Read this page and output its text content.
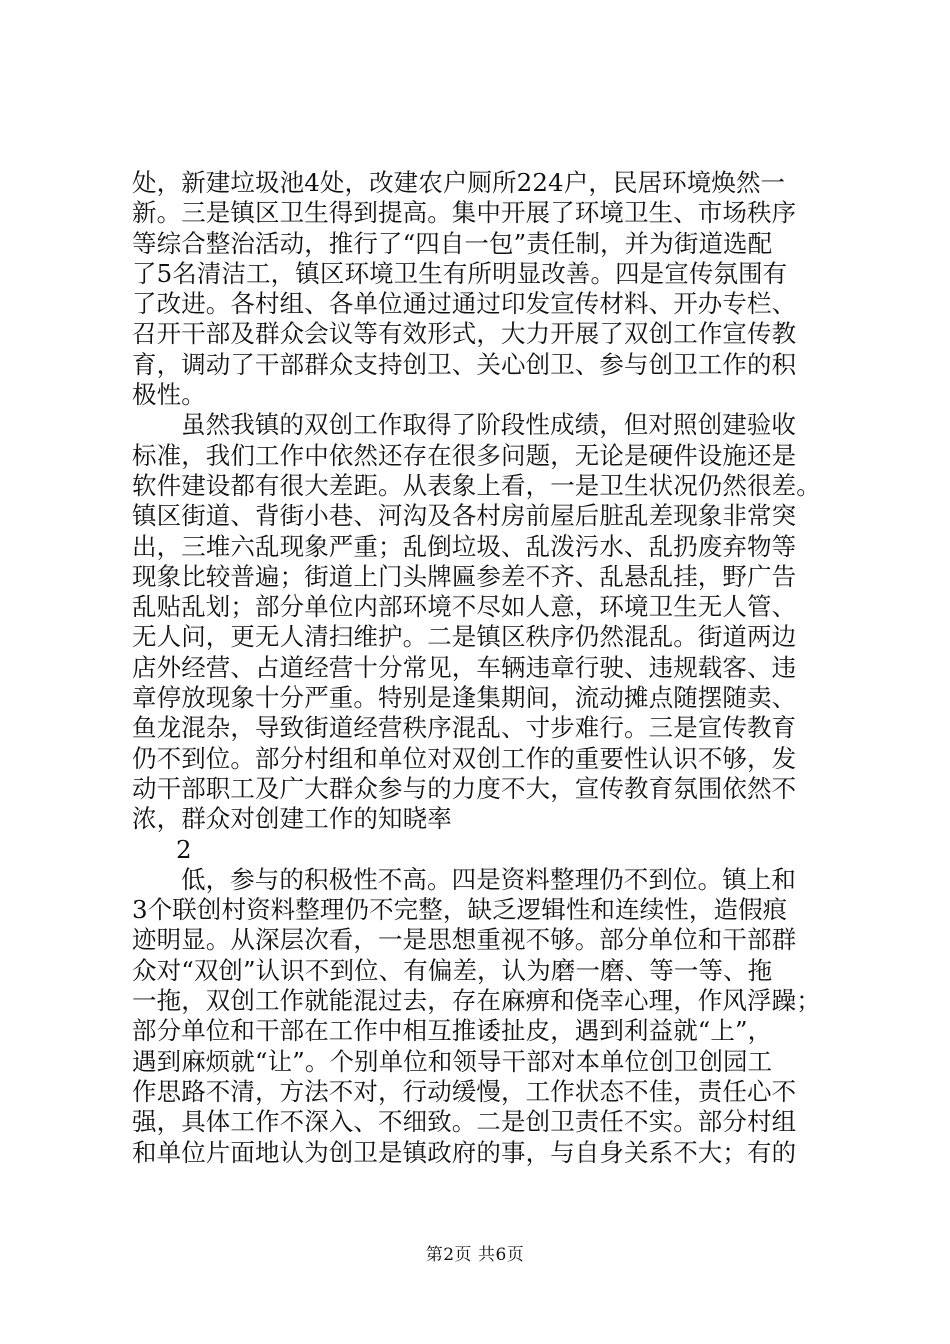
处，新建垃圾池4处，改建农户厕所224户，民居环境焕然一
新。三是镇区卫生得到提高。集中开展了环境卫生、市场秩序
等综合整治活动，推行了“四自一包”责任制，并为街道选配
了5名清洁工，镇区环境卫生有所明显改善。四是宣传氛围有
了改进。各村组、各单位通过通过印发宣传材料、开办专栏、
召开干部及群众会议等有效形式，大力开展了双创工作宣传教
育，调动了干部群众支持创卫、关心创卫、参与创卫工作的积
极性。
虽然我镇的双创工作取得了阶段性成绩，但对照创建验收
标准，我们工作中依然还存在很多问题，无论是硬件设施还是
软件建设都有很大差距。从表象上看，一是卫生状况仍然很差。
镇区街道、背街小巷、河沟及各村房前屋后脏乱差现象非常突
出，三堆六乱现象严重；乱倒垃圾、乱泼污水、乱扔废弃物等
现象比较普遍；街道上门头牌匾参差不齐、乱悬乱挂，野广告
乱贴乱划；部分单位内部环境不尽如人意，环境卫生无人管、
无人问，更无人清扫维护。二是镇区秩序仍然混乱。街道两边
店外经营、占道经营十分常见，车辆违章行驶、违规载客、违
章停放现象十分严重。特别是逢集期间，流动摊点随摆随卖、
鱼龙混杂，导致街道经营秩序混乱、寸步难行。三是宣传教育
仍不到位。部分村组和单位对双创工作的重要性认识不够，发
动干部职工及广大群众参与的力度不大，宣传教育氛围依然不
浓，群众对创建工作的知晓率
2
低，参与的积极性不高。四是资料整理仍不到位。镇上和
3个联创村资料整理仍不完整，缺乏逻辑性和连续性，造假痕
迹明显。从深层次看，一是思想重视不够。部分单位和干部群
众对“双创”认识不到位、有偏差，认为磨一磨、等一等、拖
一拖，双创工作就能混过去，存在麻痹和侥幸心理，作风浮躁；
部分单位和干部在工作中相互推诿扯皮，遇到利益就“上”，
遇到麻烦就“让”。个别单位和领导干部对本单位创卫创园工
作思路不清，方法不对，行动缓慢，工作状态不佳，责任心不
强，具体工作不深入、不细致。二是创卫责任不实。部分村组
和单位片面地认为创卫是镇政府的事，与自身关系不大；有的
第2页 共6页
